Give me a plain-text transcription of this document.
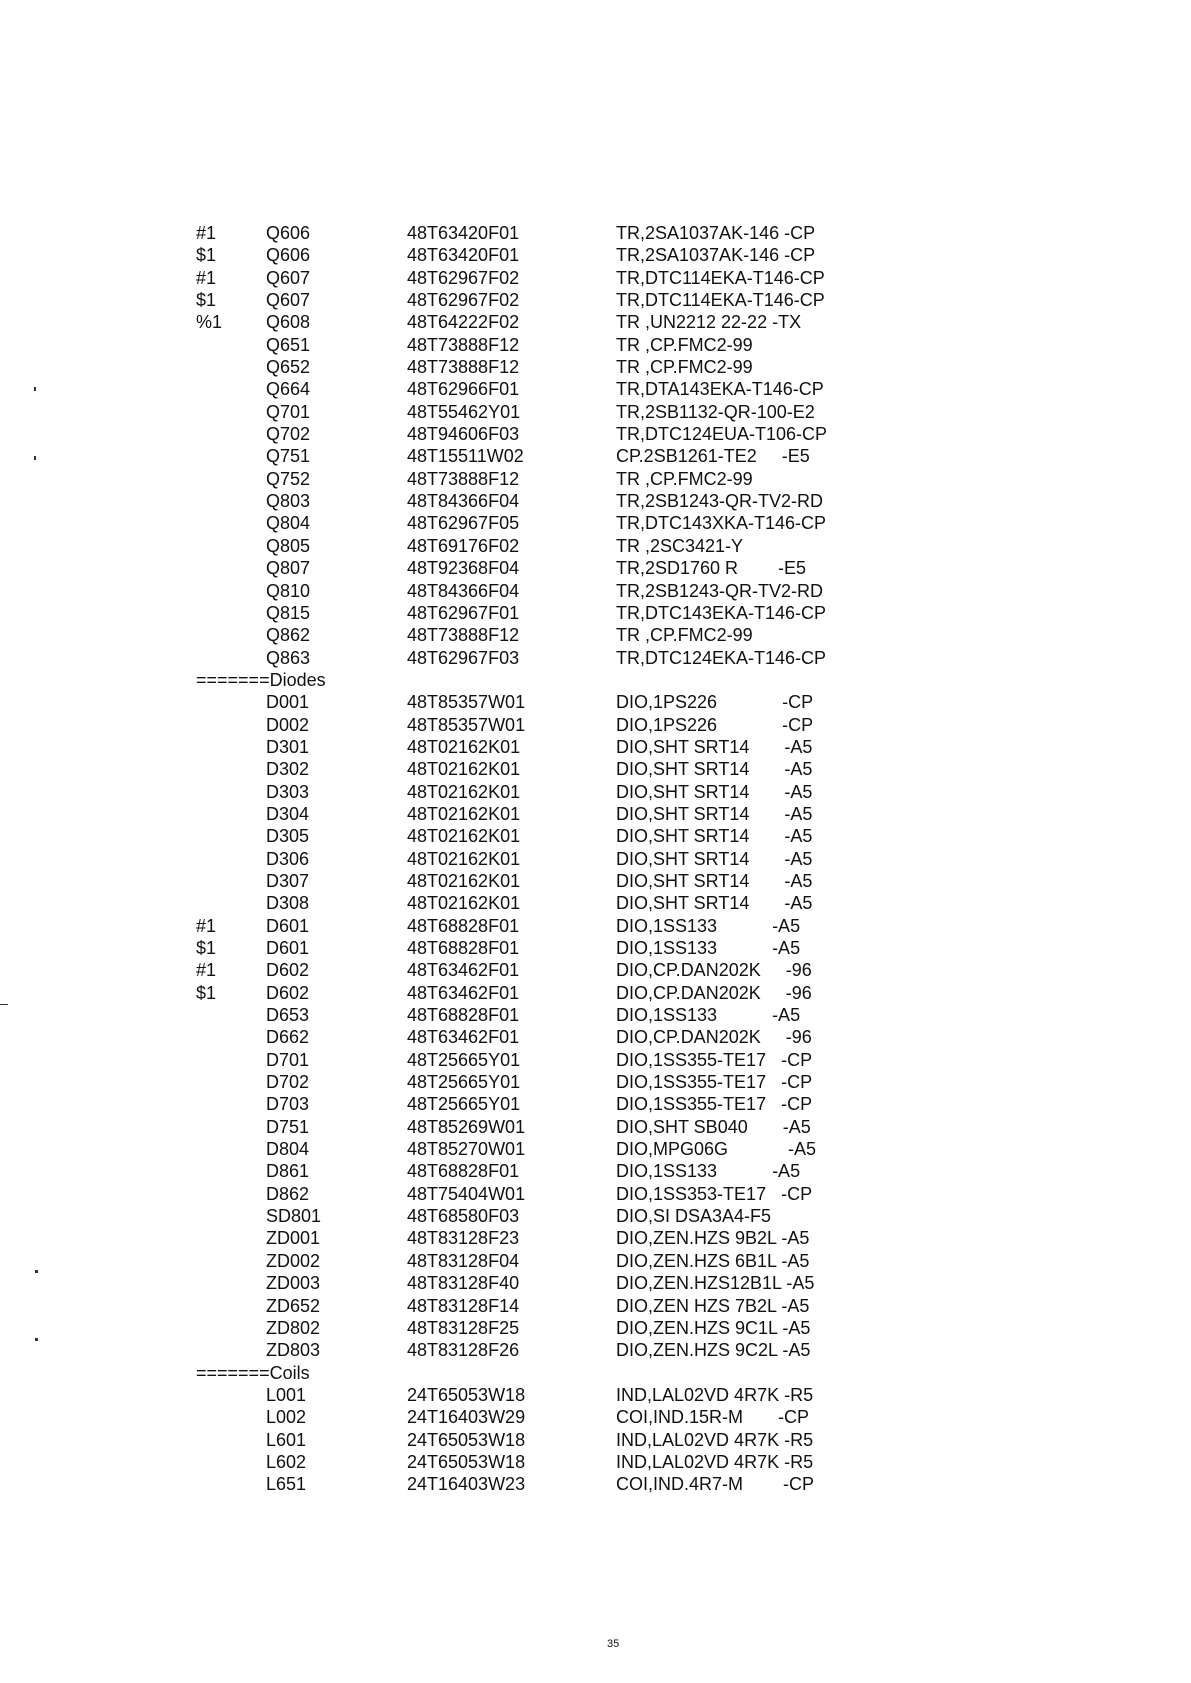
#1	Q606	48T63420F01	TR,2SA1037AK-146 -CP
$1	Q606	48T63420F01	TR,2SA1037AK-146 -CP
#1	Q607	48T62967F02	TR,DTC114EKA-T146-CP
$1	Q607	48T62967F02	TR,DTC114EKA-T146-CP
%1 Q608	48T64222F02	TR ,UN2212 22-22 -TX
Q651	48T73888F12	TR ,CP.FMC2-99
Q652	48T73888F12	TR ,CP.FMC2-99
Q664	48T62966F01	TR,DTA143EKA-T146-CP
Q701	48T55462Y01	TR,2SB1132-QR-100-E2
Q702	48T94606F03	TR,DTC124EUA-T106-CP
Q751	48T15511W02	CP.2SB1261-TE2     -E5
Q752	48T73888F12	TR ,CP.FMC2-99
Q803	48T84366F04	TR,2SB1243-QR-TV2-RD
Q804	48T62967F05	TR,DTC143XKA-T146-CP
Q805	48T69176F02	TR ,2SC3421-Y
Q807	48T92368F04	TR,2SD1760 R        -E5
Q810	48T84366F04	TR,2SB1243-QR-TV2-RD
Q815	48T62967F01	TR,DTC143EKA-T146-CP
Q862	48T73888F12	TR ,CP.FMC2-99
Q863	48T62967F03	TR,DTC124EKA-T146-CP
=======Diodes
D001	48T85357W01	DIO,1PS226             -CP
D002	48T85357W01	DIO,1PS226             -CP
D301	48T02162K01	DIO,SHT SRT14       -A5
D302	48T02162K01	DIO,SHT SRT14       -A5
D303	48T02162K01	DIO,SHT SRT14       -A5
D304	48T02162K01	DIO,SHT SRT14       -A5
D305	48T02162K01	DIO,SHT SRT14       -A5
D306	48T02162K01	DIO,SHT SRT14       -A5
D307	48T02162K01	DIO,SHT SRT14       -A5
D308	48T02162K01	DIO,SHT SRT14       -A5
#1	D601	48T68828F01	DIO,1SS133           -A5
$1	D601	48T68828F01	DIO,1SS133           -A5
#1	D602	48T63462F01	DIO,CP.DAN202K     -96
$1	D602	48T63462F01	DIO,CP.DAN202K     -96
D653	48T68828F01	DIO,1SS133           -A5
D662	48T63462F01	DIO,CP.DAN202K     -96
D701	48T25665Y01	DIO,1SS355-TE17   -CP
D702	48T25665Y01	DIO,1SS355-TE17   -CP
D703	48T25665Y01	DIO,1SS355-TE17   -CP
D751	48T85269W01	DIO,SHT SB040       -A5
D804	48T85270W01	DIO,MPG06G            -A5
D861	48T68828F01	DIO,1SS133           -A5
D862	48T75404W01	DIO,1SS353-TE17   -CP
SD801	48T68580F03	DIO,SI DSA3A4-F5
ZD001	48T83128F23	DIO,ZEN.HZS 9B2L -A5
ZD002	48T83128F04	DIO,ZEN.HZS 6B1L -A5
ZD003	48T83128F40	DIO,ZEN.HZS12B1L -A5
ZD652	48T83128F14	DIO,ZEN HZS 7B2L -A5
ZD802	48T83128F25	DIO,ZEN.HZS 9C1L -A5
ZD803	48T83128F26	DIO,ZEN.HZS 9C2L -A5
=======Coils
L001	24T65053W18	IND,LAL02VD 4R7K -R5
L002	24T16403W29	COI,IND.15R-M       -CP
L601	24T65053W18	IND,LAL02VD 4R7K -R5
L602	24T65053W18	IND,LAL02VD 4R7K -R5
L651	24T16403W23	COI,IND.4R7-M        -CP
35
